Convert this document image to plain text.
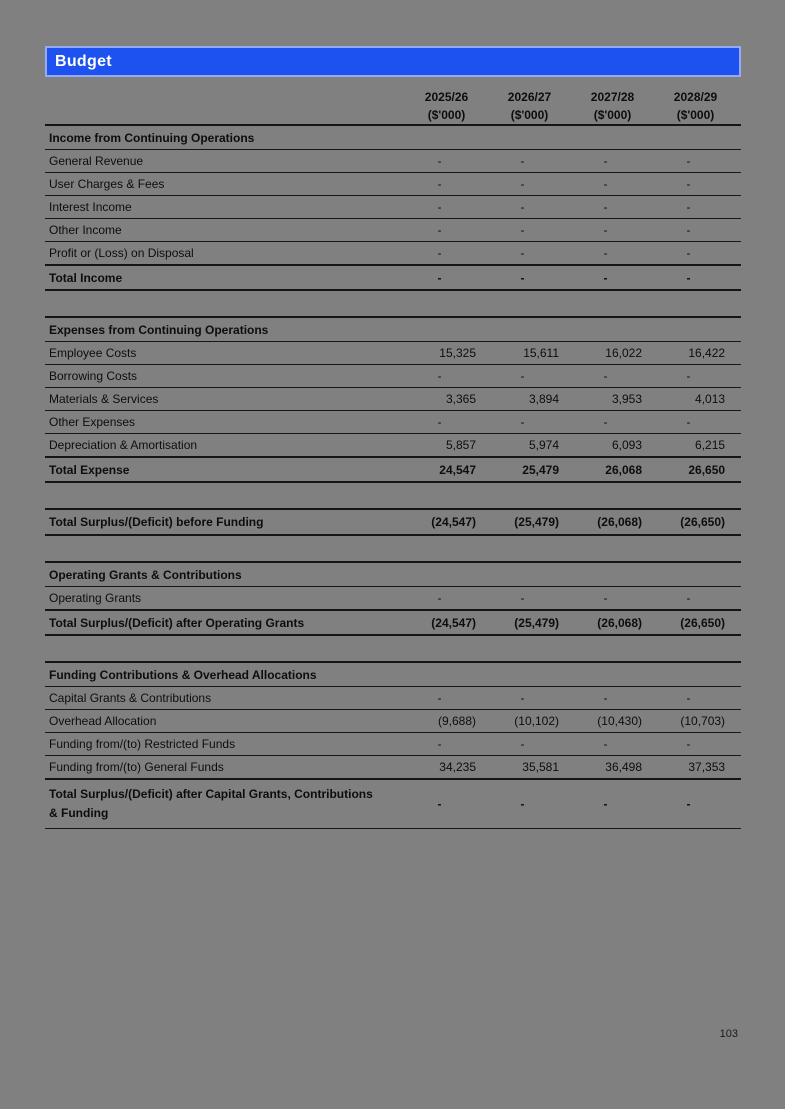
Budget
	2025/26	2026/27	2027/28	2028/29
	($'000)	($'000)	($'000)	($'000)
Income from Continuing Operations				
General Revenue	-	-	-	-
User Charges & Fees	-	-	-	-
Interest Income	-	-	-	-
Other Income	-	-	-	-
Profit or (Loss) on Disposal	-	-	-	-
Total Income	-	-	-	-
Expenses from Continuing Operations				
Employee Costs	15,325	15,611	16,022	16,422
Borrowing Costs	-	-	-	-
Materials & Services	3,365	3,894	3,953	4,013
Other Expenses	-	-	-	-
Depreciation & Amortisation	5,857	5,974	6,093	6,215
Total Expense	24,547	25,479	26,068	26,650
Total Surplus/(Deficit) before Funding	(24,547)	(25,479)	(26,068)	(26,650)
Operating Grants & Contributions				
Operating Grants	-	-	-	-
Total Surplus/(Deficit) after Operating Grants	(24,547)	(25,479)	(26,068)	(26,650)
Funding Contributions & Overhead Allocations				
Capital Grants & Contributions	-	-	-	-
Overhead Allocation	(9,688)	(10,102)	(10,430)	(10,703)
Funding from/(to) Restricted Funds	-	-	-	-
Funding from/(to) General Funds	34,235	35,581	36,498	37,353
Total Surplus/(Deficit) after Capital Grants, Contributions & Funding	-	-	-	-
103
